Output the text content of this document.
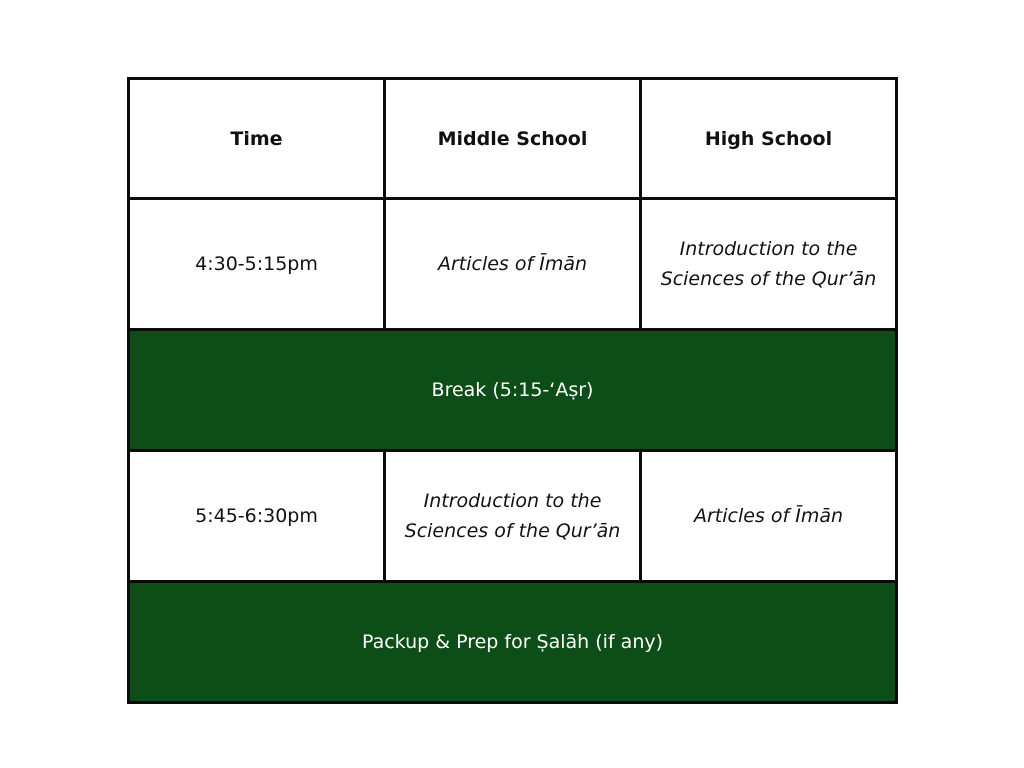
Time	Middle School	High School
4:30-5:15pm	Articles of Īmān	Introduction to the Sciences of the Qur’ān
Break (5:15-‘Aṣr)		
5:45-6:30pm	Introduction to the Sciences of the Qur’ān	Articles of Īmān
Packup & Prep for Ṣalāh (if any)		
